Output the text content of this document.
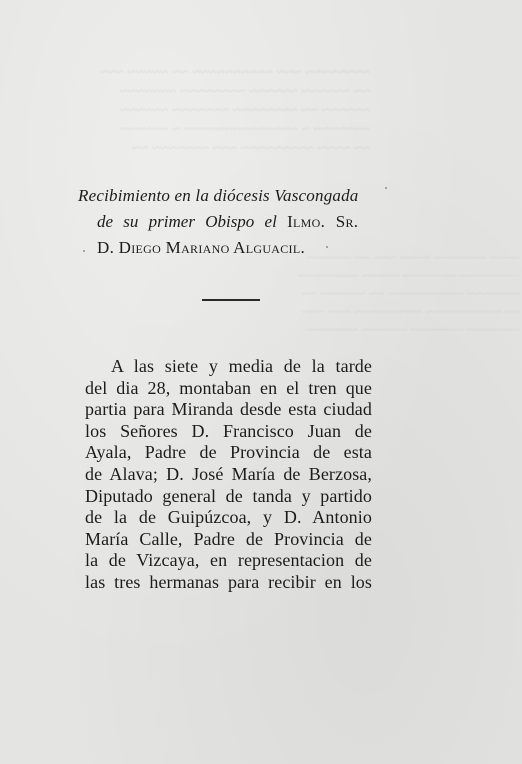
~~~~~~~~ ~~~ ~~~~~~~~~~ ~~ ~~~~~ ~~~
~~ ~~~~~~ ~~~~~~ ~~~~~~~~ ~~~~~~~
~~~~~~ ~~ ~~~~~~~~ ~~~~~~~ ~~~~~~
~~~~~~~ ~ ~~~~~~~~~~~~~~ ~ ~~~~~~
~~ ~~~~ ~~~~~~~~~ ~~~ ~~~~~~~ ~~
~~~~ ~~~~~~~ ~~~~ ~~~ ~~ ~~~~~~
~~~~~~~~ ~~~~~~~ ~~~~~ ~~~~~~~~
~~~~~~~ ~~~~~~~~~~ ~~ ~~~~~~ ~~
~~ ~~~~~~~~~~ ~~~~~~~~~ ~~~ ~~~
~~~~~~~ ~~~~~~~ ~~~~~~ ~~~~~~~
Recibimiento en la diócesis Vascongada
de su primer Obispo el Ilmo. Sr.
D. Diego Mariano Alguacil.
A las siete y media de la tarde
del dia 28, montaban en el tren que
partia para Miranda desde esta ciudad
los Señores D. Francisco Juan de
Ayala, Padre de Provincia de esta
de Alava; D. José María de Berzosa,
Diputado general de tanda y partido
de la de Guipúzcoa, y D. Antonio
María Calle, Padre de Provincia de
la de Vizcaya, en representacion de
las tres hermanas para recibir en los
